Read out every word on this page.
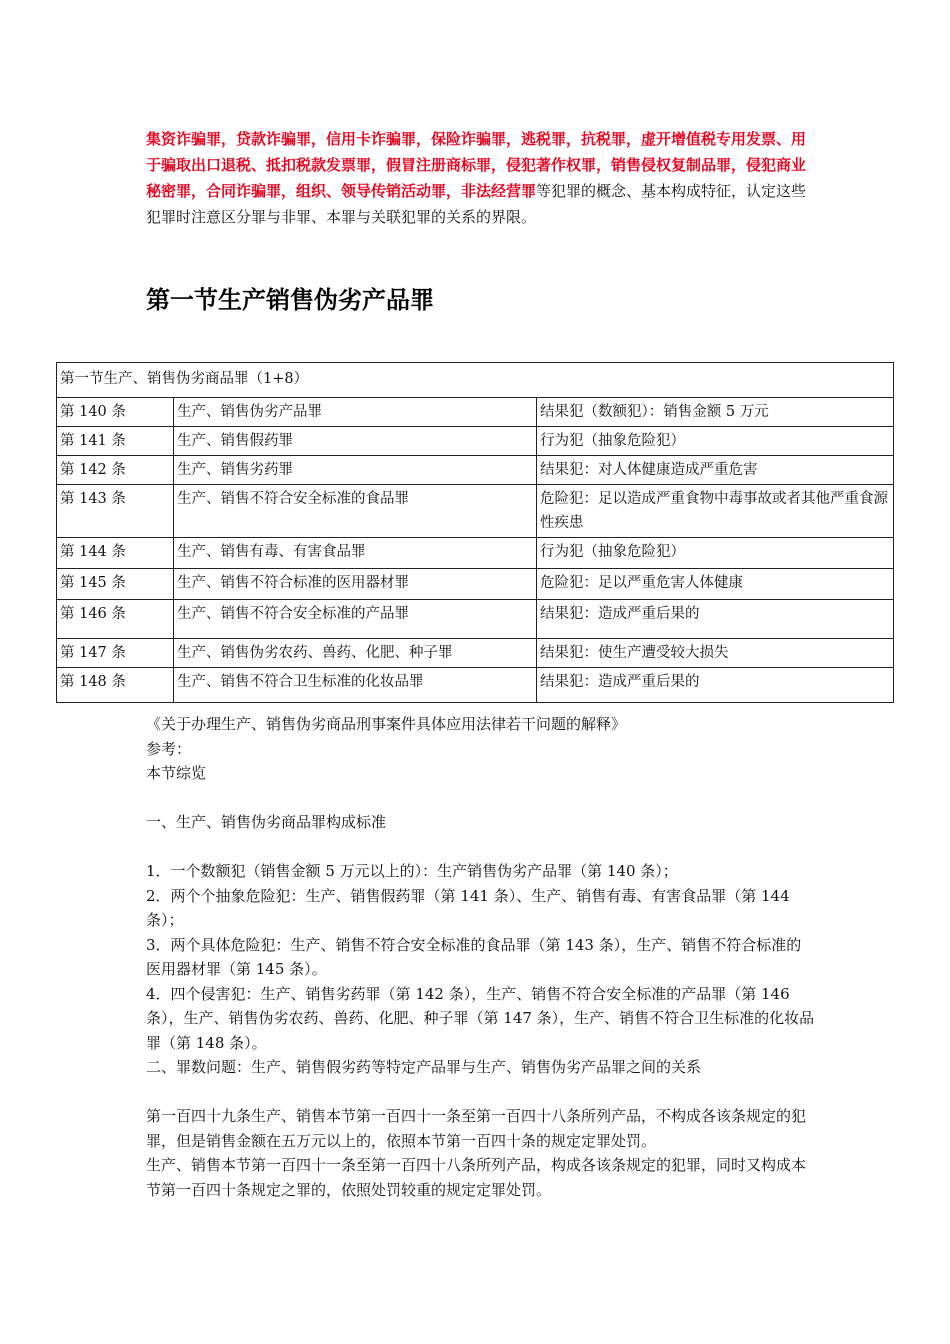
集资诈骗罪，贷款诈骗罪，信用卡诈骗罪，保险诈骗罪，逃税罪，抗税罪，虚开增值税专用发票、用于骗取出口退税、抵扣税款发票罪，假冒注册商标罪，侵犯著作权罪，销售侵权复制品罪，侵犯商业秘密罪，合同诈骗罪，组织、领导传销活动罪，非法经营罪等犯罪的概念、基本构成特征，认定这些犯罪时注意区分罪与非罪、本罪与关联犯罪的关系的界限。

第一节生产销售伪劣产品罪
第一节生产、销售伪劣商品罪（1+8）		
第 140 条	生产、销售伪劣产品罪	结果犯（数额犯）：销售金额 5 万元
第 141 条	生产、销售假药罪	行为犯（抽象危险犯）
第 142 条	生产、销售劣药罪	结果犯：对人体健康造成严重危害
第 143 条	生产、销售不符合安全标准的食品罪	危险犯：足以造成严重食物中毒事故或者其他严重食源性疾患
第 144 条	生产、销售有毒、有害食品罪	行为犯（抽象危险犯）
第 145 条	生产、销售不符合标准的医用器材罪	危险犯：足以严重危害人体健康
第 146 条	生产、销售不符合安全标准的产品罪	结果犯：造成严重后果的
第 147 条	生产、销售伪劣农药、兽药、化肥、种子罪	结果犯：使生产遭受较大损失
第 148 条	生产、销售不符合卫生标准的化妆品罪	结果犯：造成严重后果的

《关于办理生产、销售伪劣商品刑事案件具体应用法律若干问题的解释》

参考：

本节综览

一、生产、销售伪劣商品罪构成标准

1．一个数额犯（销售金额 5 万元以上的）：生产销售伪劣产品罪（第 140 条）；

2．两个个抽象危险犯：生产、销售假药罪（第 141 条）、生产、销售有毒、有害食品罪（第 144 条）；

3．两个具体危险犯：生产、销售不符合安全标准的食品罪（第 143 条），生产、销售不符合标准的医用器材罪（第 145 条）。

4．四个侵害犯：生产、销售劣药罪（第 142 条），生产、销售不符合安全标准的产品罪（第 146 条），生产、销售伪劣农药、兽药、化肥、种子罪（第 147 条），生产、销售不符合卫生标准的化妆品罪（第 148 条）。

二、罪数问题：生产、销售假劣药等特定产品罪与生产、销售伪劣产品罪之间的关系

第一百四十九条生产、销售本节第一百四十一条至第一百四十八条所列产品，不构成各该条规定的犯罪，但是销售金额在五万元以上的，依照本节第一百四十条的规定定罪处罚。

生产、销售本节第一百四十一条至第一百四十八条所列产品，构成各该条规定的犯罪，同时又构成本节第一百四十条规定之罪的，依照处罚较重的规定定罪处罚。
